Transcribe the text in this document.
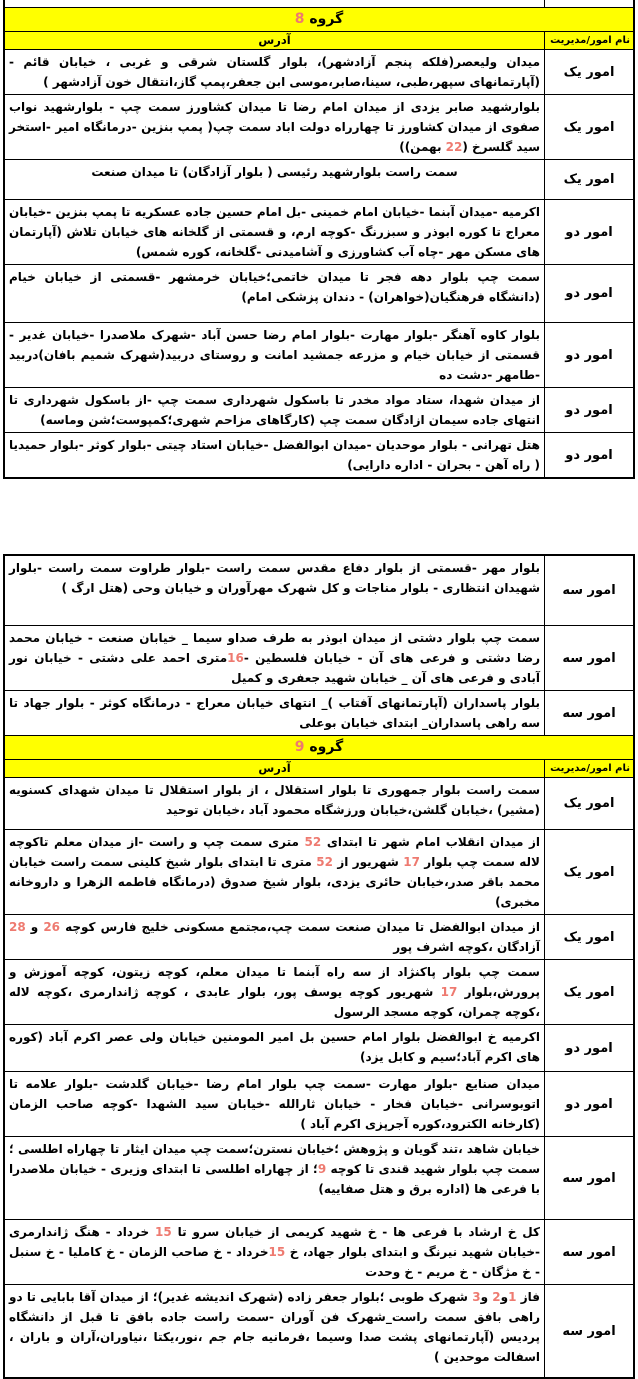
گروه 8
نام امور/مدیریت
آدرس
امور یک
میدان ولیعصر(فلکه پنجم آزادشهر)، بلوار گلستان شرقی و غربی ، خیابان قائم - (آپارتمانهای سپهر،طبی، سینا،صابر،موسی ابن جعفر،پمپ گاز،انتقال خون آزادشهر )
امور یک
بلوارشهید صابر یزدی از میدان امام رضا تا میدان کشاورز سمت چپ - بلوارشهید نواب صفوی از میدان کشاورز تا چهارراه دولت اباد سمت چپ( پمپ بنزین -درمانگاه امیر -استخر سید گلسرخ (22 بهمن))
امور یک
سمت راست بلوارشهید رئیسی ( بلوار آزادگان) تا میدان صنعت
امور دو
اکرمیه -میدان آبنما -خیابان امام خمینی -بل امام حسین جاده عسکریه تا پمپ بنزین -خیابان معراج تا کوره ابوذر و سبزرنگ -کوچه ارم، و قسمتی از گلخانه های خیابان تلاش (آپارتمان های مسکن مهر -چاه آب کشاورزی و آشامیدنی -گلخانه، کوره شمس)
امور دو
سمت چپ بلوار دهه فجر تا میدان خاتمی؛خیابان خرمشهر -قسمتی از خیابان خیام (دانشگاه فرهنگیان(خواهران) - دندان پزشکی امام)
امور دو
بلوار کاوه آهنگر -بلوار مهارت -بلوار امام رضا حسن آباد -شهرک ملاصدرا -خیابان غدیر - قسمتی از خیابان خیام و مزرعه جمشید امانت و روستای دربید(شهرک شمیم بافان)دربید -طامهر -دشت ده
امور دو
از میدان شهدا، ستاد مواد مخدر تا باسکول شهرداری سمت چپ -از باسکول شهرداری تا انتهای جاده سیمان ازادگان سمت چپ (کارگاهای مزاحم شهری؛کمپوست؛شن وماسه)
امور دو
هتل تهرانی - بلوار موحدیان -میدان ابوالفضل -خیابان استاد چیتی -بلوار کوثر -بلوار حمیدیا ( راه آهن - بحران - اداره دارایی)
امور سه
بلوار مهر -قسمتی از بلوار دفاع مقدس سمت راست -بلوار طراوت سمت راست -بلوار شهیدان انتظاری - بلوار مناجات و کل شهرک مهرآوران و خیابان وحی (هتل ارگ )
امور سه
سمت چپ بلوار دشتی از میدان ابوذر به طرف صداو سیما _ خیابان صنعت - خیابان محمد رضا دشتی و فرعی های آن - خیابان فلسطین -16متری احمد علی دشتی - خیابان نور آبادی و فرعی های آن _ خیابان شهید جعفری و کمیل
امور سه
بلوار پاسداران (آپارتمانهای آفتاب )_ انتهای خیابان معراج - درمانگاه کوثر - بلوار جهاد تا سه راهی پاسداران_ ابتدای خیابان بوعلی
گروه 9
نام امور/مدیریت
آدرس
امور یک
سمت راست بلوار جمهوری تا بلوار استقلال ، از بلوار استقلال تا میدان شهدای کسنویه (مشیر) ،خیابان گلشن،خیابان ورزشگاه محمود آباد ،خیابان توحید
امور یک
از میدان انقلاب امام شهر تا ابتدای 52 متری سمت چپ و راست -از میدان معلم تاکوچه لاله سمت چپ بلوار 17 شهریور از 52 متری تا ابتدای بلوار شیخ کلینی سمت راست خیابان محمد باقر صدر،خیابان حائری یزدی، بلوار شیخ صدوق (درمانگاه فاطمه الزهرا و داروخانه مخبری)
امور یک
از میدان ابوالفضل تا میدان صنعت سمت چپ،مجتمع مسکونی خلیج فارس کوچه 26 و 28 آزادگان ،کوچه اشرف پور
امور یک
سمت چپ بلوار پاکنژاد از سه راه آبنما تا میدان معلم، کوچه زیتون، کوچه آموزش و پرورش،بلوار 17 شهریور کوچه یوسف پور، بلوار عابدی ، کوچه ژاندارمری ،کوچه لاله ،کوچه چمران، کوچه مسجد الرسول
امور دو
اکرمیه خ ابوالفضل بلوار امام حسین بل امیر المومنین خیابان ولی عصر اکرم آباد (کوره های اکرم آباد؛سیم و کابل یزد)
امور دو
میدان صنایع -بلوار مهارت -سمت چپ بلوار امام رضا -خیابان گلدشت -بلوار علامه تا اتوبوسرانی -خیابان فخار - خیابان ثارالله -خیابان سید الشهدا -کوچه صاحب الزمان (کارخانه الکترود،کوره آجرپزی اکرم آباد )
امور سه
خیابان شاهد ،تند گویان و پژوهش ؛خیابان نسترن؛سمت چپ میدان ایثار تا چهاراه اطلسی ؛سمت چپ بلوار شهید قندی تا کوچه 9؛ از چهاراه اطلسی تا ابتدای وزیری - خیابان ملاصدرا با فرعی ها (اداره برق و هتل صفاییه)
امور سه
کل خ ارشاد با فرعی ها - خ شهید کریمی از خیابان سرو تا 15 خرداد - هنگ ژاندارمری -خیابان شهید نیرنگ و ابتدای بلوار جهاد، خ 15خرداد - خ صاحب الزمان - خ کاملیا - خ سنبل - خ مژگان - خ مریم - خ وحدت
امور سه
فاز 1و2 و3 شهرک طوبی ؛بلوار جعفر زاده (شهرک اندیشه غدیر)؛ از میدان آقا بابایی تا دو راهی بافق سمت راست_شهرک فن آوران -سمت راست جاده بافق تا قبل از دانشگاه پردیس (آپارتمانهای پشت صدا وسیما ،فرمانیه جام جم ،نور،یکتا ،نیاوران،آران و باران ، اسفالت موحدین )
